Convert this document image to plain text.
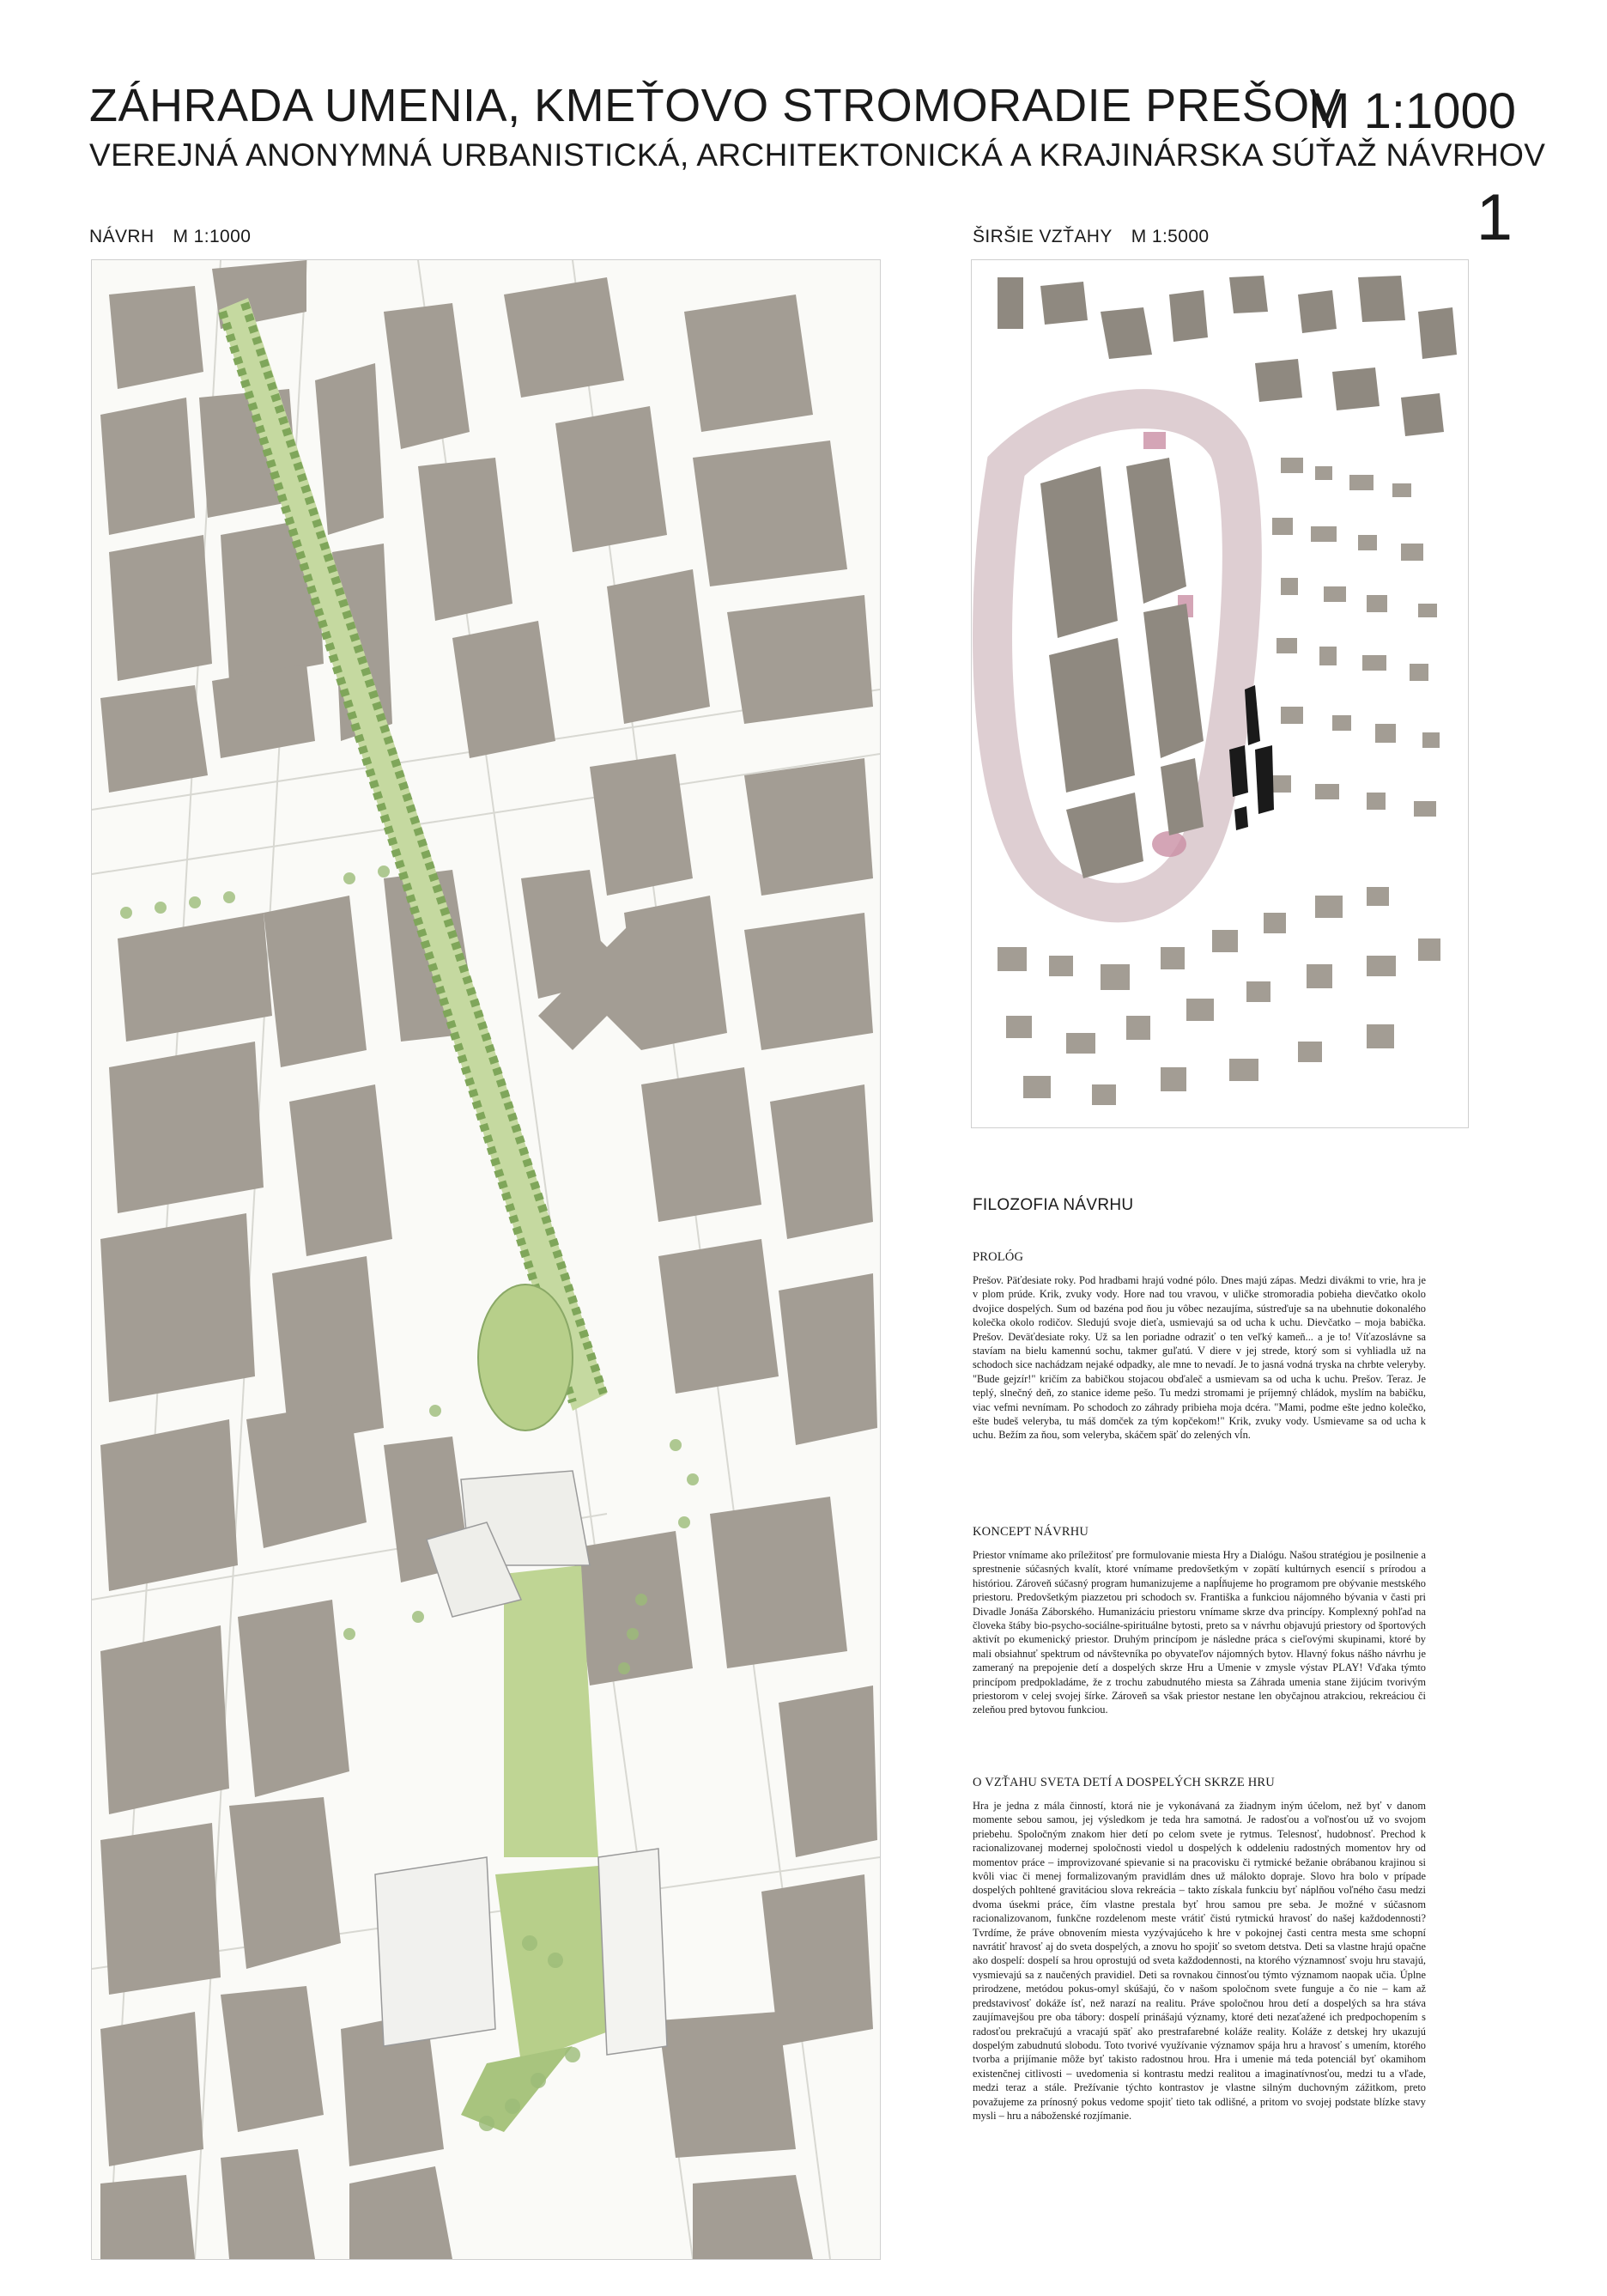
ZÁHRADA UMENIA, KMEŤOVO STROMORADIE PREŠOV
VEREJNÁ ANONYMNÁ URBANISTICKÁ, ARCHITEKTONICKÁ A KRAJINÁRSKA SÚŤAŽ NÁVRHOV
M 1:1000
1
NÁVRH M 1:1000	ŠIRŠIE VZŤAHY M 1:5000
FILOZOFIA NÁVRHU
PROLÓG

Prešov. Päťdesiate roky. Pod hradbami hrajú vodné pólo. Dnes majú zápas. Medzi divákmi to vrie, hra je v plom prúde. Krik, zvuky vody. Hore nad tou vravou, v uličke stromoradia pobieha dievčatko okolo dvojice dospelých. Sum od bazéna pod ňou ju vôbec nezaujíma, sústreďuje sa na ubehnutie dokonalého kolečka okolo rodičov. Sledujú svoje dieťa, usmievajú sa od ucha k uchu. Dievčatko – moja babička. Prešov. Deväťdesiate roky. Už sa len poriadne odraziť o ten veľký kameň... a je to! Víťazoslávne sa stavíam na bielu kamennú sochu, takmer guľatú. V diere v jej strede, ktorý som si vyhliadla už na schodoch sice nachádzam nejaké odpadky, ale mne to nevadí. Je to jasná vodná tryska na chrbte veleryby. "Bude gejzír!" kričím za babičkou stojacou obďaleč a usmievam sa od ucha k uchu. Prešov. Teraz. Je teplý, slnečný deň, zo stanice ideme pešo. Tu medzi stromami je príjemný chládok, myslím na babičku, viac vefmi nevnímam. Po schodoch zo záhrady pribieha moja dcéra. "Mami, podme ešte jedno kolečko, ešte budeš veleryba, tu máš domček za tým kopčekom!" Krik, zvuky vody. Usmievame sa od ucha k uchu. Bežím za ňou, som veleryba, skáčem späť do zelených vĺn.

KONCEPT NÁVRHU

Priestor vnímame ako príležitosť pre formulovanie miesta Hry a Dialógu. Našou stratégiou je posilnenie a sprestnenie súčasných kvalít, ktoré vnímame predovšetkým v zopätí kultúrnych esencií s prírodou a históriou. Zároveň súčasný program humanizujeme a napĺňujeme ho programom pre obývanie mestského priestoru. Predovšetkým piazzetou pri schodoch sv. Františka a funkciou nájomného bývania v časti pri Divadle Jonáša Záborského. Humanizáciu priestoru vnímame skrze dva princípy. Komplexný pohľad na človeka štáby bio-psycho-sociálne-spirituálne bytosti, preto sa v návrhu objavujú priestory od športových aktivít po ekumenický priestor. Druhým princípom je následne práca s cieľovými skupinami, ktoré by mali obsiahnuť spektrum od návštevníka po obyvateľov nájomných bytov. Hlavný fokus nášho návrhu je zameraný na prepojenie detí a dospelých skrze Hru a Umenie v zmysle výstav PLAY! Vďaka týmto princípom predpokladáme, že z trochu zabudnutého miesta sa Záhrada umenia stane žijúcim tvorivým priestorom v celej svojej šírke. Zároveň sa však priestor nestane len obyčajnou atrakciou, rekreáciou či zeleňou pred bytovou funkciou.

O VZŤAHU SVETA DETÍ A DOSPELÝCH SKRZE HRU

Hra je jedna z mála činností, ktorá nie je vykonávaná za žiadnym iným účelom, než byť v danom momente sebou samou, jej výsledkom je teda hra samotná. Je radosťou a voľnosťou už vo svojom priebehu. Spoločným znakom hier detí po celom svete je rytmus. Telesnosť, hudobnosť. Prechod k racionalizovanej modernej spoločnosti viedol u dospelých k oddeleniu radostných momentov hry od momentov práce – improvizované spievanie si na pracovisku či rytmické bežanie obrábanou krajinou si kvôli viac či menej formalizovaným pravidlám dnes už málokto dopraje. Slovo hra bolo v prípade dospelých pohltené gravitáciou slova rekreácia – takto získala funkciu byť náplňou voľného času medzi dvoma úsekmi práce, čím vlastne prestala byť hrou samou pre seba. Je možné v súčasnom racionalizovanom, funkčne rozdelenom meste vrátiť čistú rytmickú hravosť do našej každodennosti? Tvrdíme, že práve obnovením miesta vyzývajúceho k hre v pokojnej časti centra mesta sme schopní navrátiť hravosť aj do sveta dospelých, a znovu ho spojiť so svetom detstva. Deti sa vlastne hrajú opačne ako dospelí: dospelí sa hrou oprostujú od sveta každodennosti, na ktorého významnosť svoju hru stavajú, vysmievajú sa z naučených pravidiel. Deti sa rovnakou činnosťou týmto významom naopak učia. Úplne prirodzene, metódou pokus-omyl skúšajú, čo v našom spoločnom svete funguje a čo nie – kam až predstavivosť dokáže ísť, než narazí na realitu. Práve spoločnou hrou detí a dospelých sa hra stáva zaujímavejšou pre oba tábory: dospelí prinášajú významy, ktoré deti nezaťažené ich predpochopením s radosťou prekračujú a vracajú späť ako prestrafarebné koláže reality. Koláže z detskej hry ukazujú dospelým zabudnutú slobodu. Toto tvorivé využívanie významov spája hru a hravosť s umením, ktorého tvorba a prijímanie môže byť takisto radostnou hrou. Hra i umenie má teda potenciál byť okamihom existenčnej citlivosti – uvedomenia si kontrastu medzi realitou a imaginatívnosťou, medzi tu a vľade, medzi teraz a stále. Prežívanie týchto kontrastov je vlastne silným duchovným zážitkom, preto považujeme za prínosný pokus vedome spojiť tieto tak odlišné, a pritom vo svojej podstate blízke stavy mysli – hru a náboženské rozjímanie.
